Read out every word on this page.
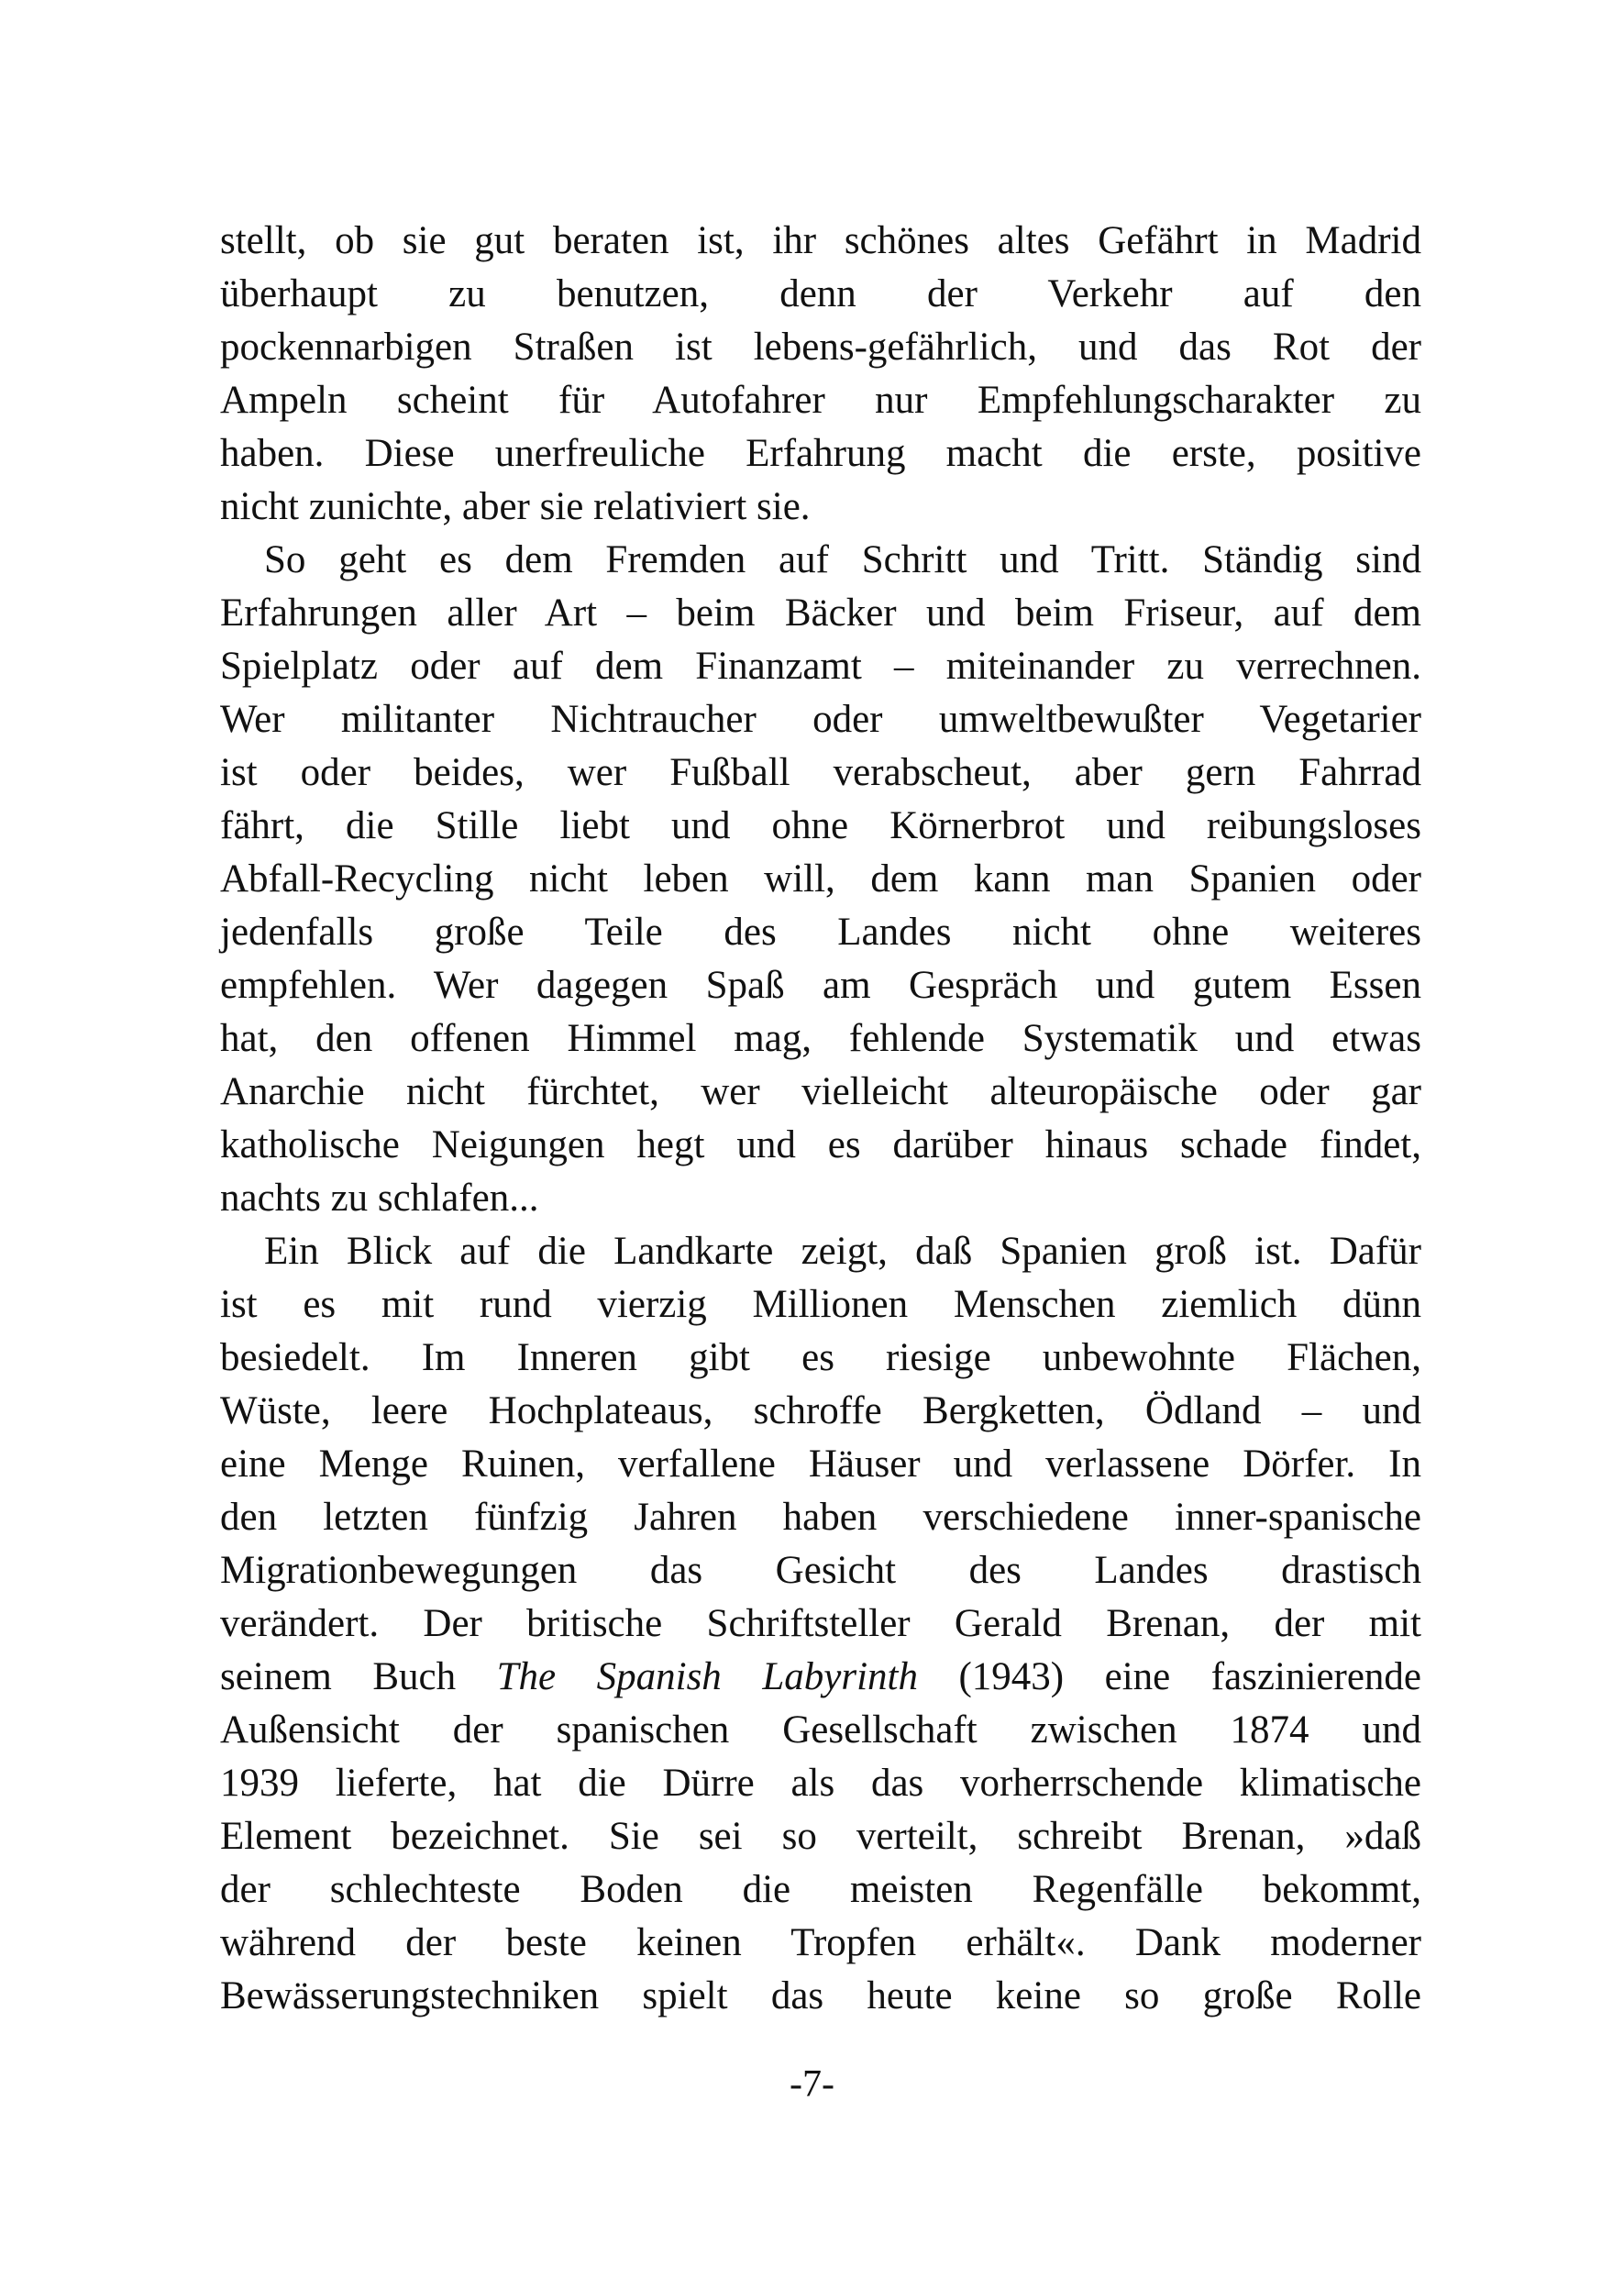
stellt, ob sie gut beraten ist, ihr schönes altes Gefährt in Madrid
überhaupt zu benutzen, denn der Verkehr auf den
pockennarbigen Straßen ist lebens-gefährlich, und das Rot der
Ampeln scheint für Autofahrer nur Empfehlungscharakter zu
haben. Diese unerfreuliche Erfahrung macht die erste, positive
nicht zunichte, aber sie relativiert sie.
So geht es dem Fremden auf Schritt und Tritt. Ständig sind
Erfahrungen aller Art – beim Bäcker und beim Friseur, auf dem
Spielplatz oder auf dem Finanzamt – miteinander zu verrechnen.
Wer militanter Nichtraucher oder umweltbewußter Vegetarier
ist oder beides, wer Fußball verabscheut, aber gern Fahrrad
fährt, die Stille liebt und ohne Körnerbrot und reibungsloses
Abfall-Recycling nicht leben will, dem kann man Spanien oder
jedenfalls große Teile des Landes nicht ohne weiteres
empfehlen. Wer dagegen Spaß am Gespräch und gutem Essen
hat, den offenen Himmel mag, fehlende Systematik und etwas
Anarchie nicht fürchtet, wer vielleicht alteuropäische oder gar
katholische Neigungen hegt und es darüber hinaus schade findet,
nachts zu schlafen...
Ein Blick auf die Landkarte zeigt, daß Spanien groß ist. Dafür
ist es mit rund vierzig Millionen Menschen ziemlich dünn
besiedelt. Im Inneren gibt es riesige unbewohnte Flächen,
Wüste, leere Hochplateaus, schroffe Bergketten, Ödland – und
eine Menge Ruinen, verfallene Häuser und verlassene Dörfer. In
den letzten fünfzig Jahren haben verschiedene inner-spanische
Migrationbewegungen das Gesicht des Landes drastisch
verändert. Der britische Schriftsteller Gerald Brenan, der mit
seinem Buch The Spanish Labyrinth (1943) eine faszinierende
Außensicht der spanischen Gesellschaft zwischen 1874 und
1939 lieferte, hat die Dürre als das vorherrschende klimatische
Element bezeichnet. Sie sei so verteilt, schreibt Brenan, »daß
der schlechteste Boden die meisten Regenfälle bekommt,
während der beste keinen Tropfen erhält«. Dank moderner
Bewässerungstechniken spielt das heute keine so große Rolle
-7-
